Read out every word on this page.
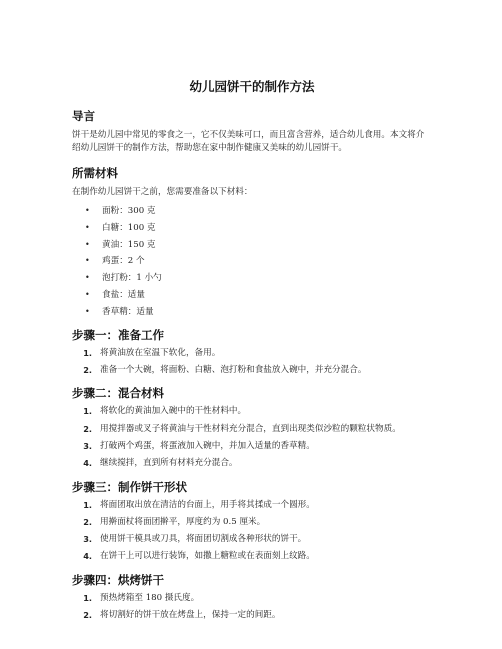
幼儿园饼干的制作方法
导言

饼干是幼儿园中常见的零食之一，它不仅美味可口，而且富含营养，适合幼儿食用。本文将介绍幼儿园饼干的制作方法，帮助您在家中制作健康又美味的幼儿园饼干。

所需材料

在制作幼儿园饼干之前，您需要准备以下材料：

• 面粉：300 克
• 白糖：100 克
• 黄油：150 克
• 鸡蛋：2 个
• 泡打粉：1 小勺
• 食盐：适量
• 香草精：适量
步骤一：准备工作
1. 将黄油放在室温下软化，备用。
2. 准备一个大碗，将面粉、白糖、泡打粉和食盐放入碗中，并充分混合。
步骤二：混合材料
1. 将软化的黄油加入碗中的干性材料中。
2. 用搅拌器或叉子将黄油与干性材料充分混合，直到出现类似沙粒的颗粒状物质。
3. 打破两个鸡蛋，将蛋液加入碗中，并加入适量的香草精。
4. 继续搅拌，直到所有材料充分混合。
步骤三：制作饼干形状
1. 将面团取出放在清洁的台面上，用手将其揉成一个圆形。
2. 用擀面杖将面团擀平，厚度约为 0.5 厘米。
3. 使用饼干模具或刀具，将面团切割成各种形状的饼干。
4. 在饼干上可以进行装饰，如撒上糖粒或在表面刻上纹路。
步骤四：烘烤饼干
1. 预热烤箱至 180 摄氏度。
2. 将切割好的饼干放在烤盘上，保持一定的间距。
